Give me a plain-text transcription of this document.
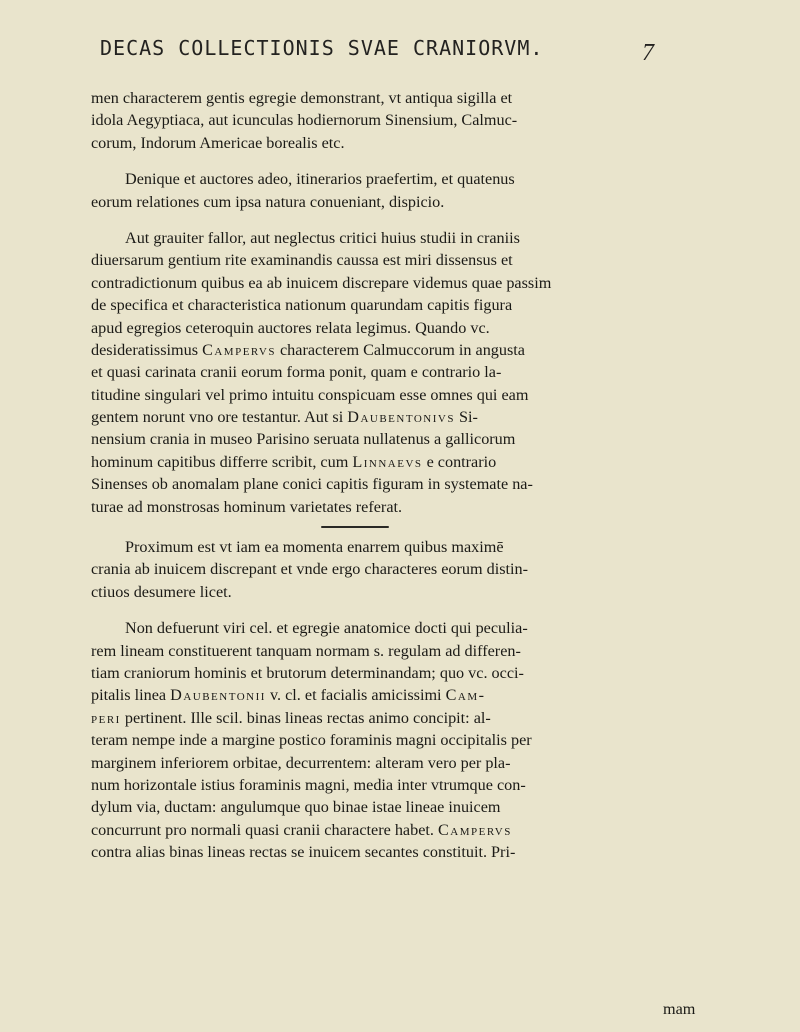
DECAS COLLECTIONIS SVAE CRANIORVM.	7
men characterem gentis egregie demonstrant, vt antiqua sigilla et
idola Aegyptiaca, aut icunculas hodiernorum Sinensium, Calmuc-
corum, Indorum Americae borealis etc.
Denique et auctores adeo, itinerarios praefertim, et quatenus
eorum relationes cum ipsa natura conueniant, dispicio.
Aut grauiter fallor, aut neglectus critici huius studii in craniis
diuersarum gentium rite examinandis caussa est miri dissensus et
contradictionum quibus ea ab inuicem discrepare videmus quae passim
de specifica et characteristica nationum quarundam capitis figura
apud egregios ceteroquin auctores relata legimus. Quando vc.
desideratissimus Campervs characterem Calmuccorum in angusta
et quasi carinata cranii eorum forma ponit, quam e contrario la-
titudine singulari vel primo intuitu conspicuam esse omnes qui eam
gentem norunt vno ore testantur. Aut si Daubentonivs Si-
nensium crania in museo Parisino seruata nullatenus a gallicorum
hominum capitibus differre scribit, cum Linnaevs e contrario
Sinenses ob anomalam plane conici capitis figuram in systemate na-
turae ad monstrosas hominum varietates referat.
Proximum est vt iam ea momenta enarrem quibus maximē
crania ab inuicem discrepant et vnde ergo characteres eorum distin-
ctiuos desumere licet.
Non defuerunt viri cel. et egregie anatomice docti qui peculia-
rem lineam constituerent tanquam normam s. regulam ad differen-
tiam craniorum hominis et brutorum determinandam; quo vc. occi-
pitalis linea Daubentonii v. cl. et facialis amicissimi Cam-
peri pertinent. Ille scil. binas lineas rectas animo concipit: al-
teram nempe inde a margine postico foraminis magni occipitalis per
marginem inferiorem orbitae, decurrentem: alteram vero per pla-
num horizontale istius foraminis magni, media inter vtrumque con-
dylum via, ductam: angulumque quo binae istae lineae inuicem
concurrunt pro normali quasi cranii charactere habet. Campervs
contra alias binas lineas rectas se inuicem secantes constituit. Pri-
mam
